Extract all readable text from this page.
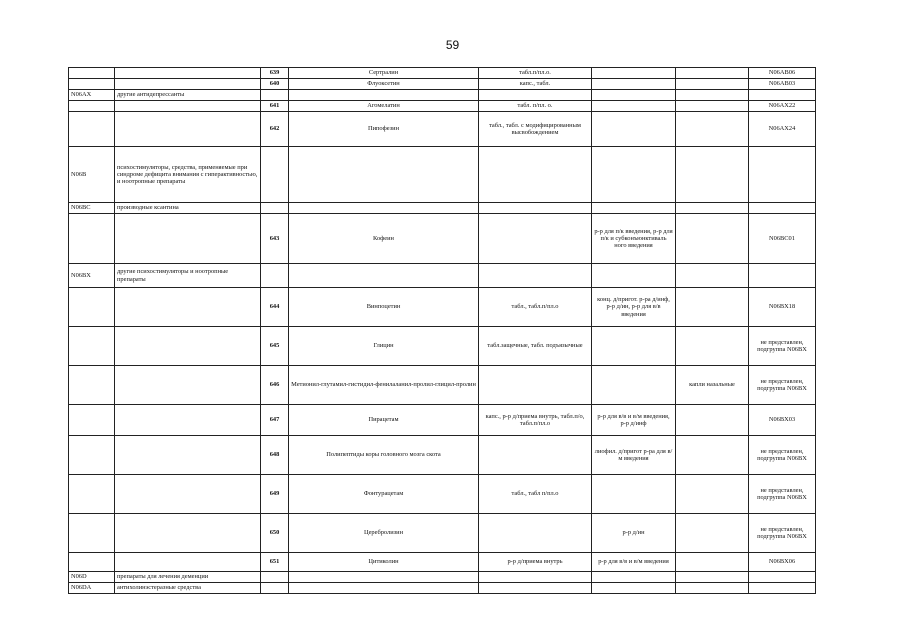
59
		639	Сертралин	табл.п/пл.о.			N06AB06
		640	Флуоксетин	капс., табл.			N06AB03
N06AX	другие антидепрессанты						
		641	Агомелатин	табл. п/пл. о.			N06AX22
		642	Пипофезин	табл., табл. с модифицированным высвобождением			N06AX24
N06B	психостимуляторы, средства, применяемые при синдроме дефицита внимания с гиперактивностью, и ноотропные препараты						
N06BC	производные ксантина						
		643	Кофеин		р-р для п/к введения, р-р для п/к и субконъюнктиваль ного введения		N06BC01
N06BX	другие психостимуляторы и ноотропные препараты						
		644	Винпоцетин	табл., табл.п/пл.о	конц. д/пригот. р-ра д/инф, р-р д/ин, р-р для в/в введения		N06BX18
		645	Глицин	табл.защечные, табл. подъязычные			не представлен, подгруппа N06BX
		646	Метионил-глутамил-гистидил-фенилаланил-пролил-глицил-пролин			капли назальные	не представлен, подгруппа N06BX
		647	Пирацетам	капс., р-р д/приема внутрь, табл.п/о, табл.п/пл.о	р-р для в/в и в/м введения, р-р д/инф		N06BX03
		648	Полипептиды коры головного мозга скота		лиофил. д/пригот р-ра для в/м введения		не представлен, подгруппа N06BX
		649	Фонтурацетам	табл., табл п/пл.о			не представлен, подгруппа N06BX
		650	Церебролизин		р-р д/ин		не представлен, подгруппа N06BX
		651	Цитиколин	р-р д/приема внутрь	р-р для в/в и в/м введения		N06BX06
N06D	препараты для лечения деменции						
N06DA	антихолинэстеразные средства						
